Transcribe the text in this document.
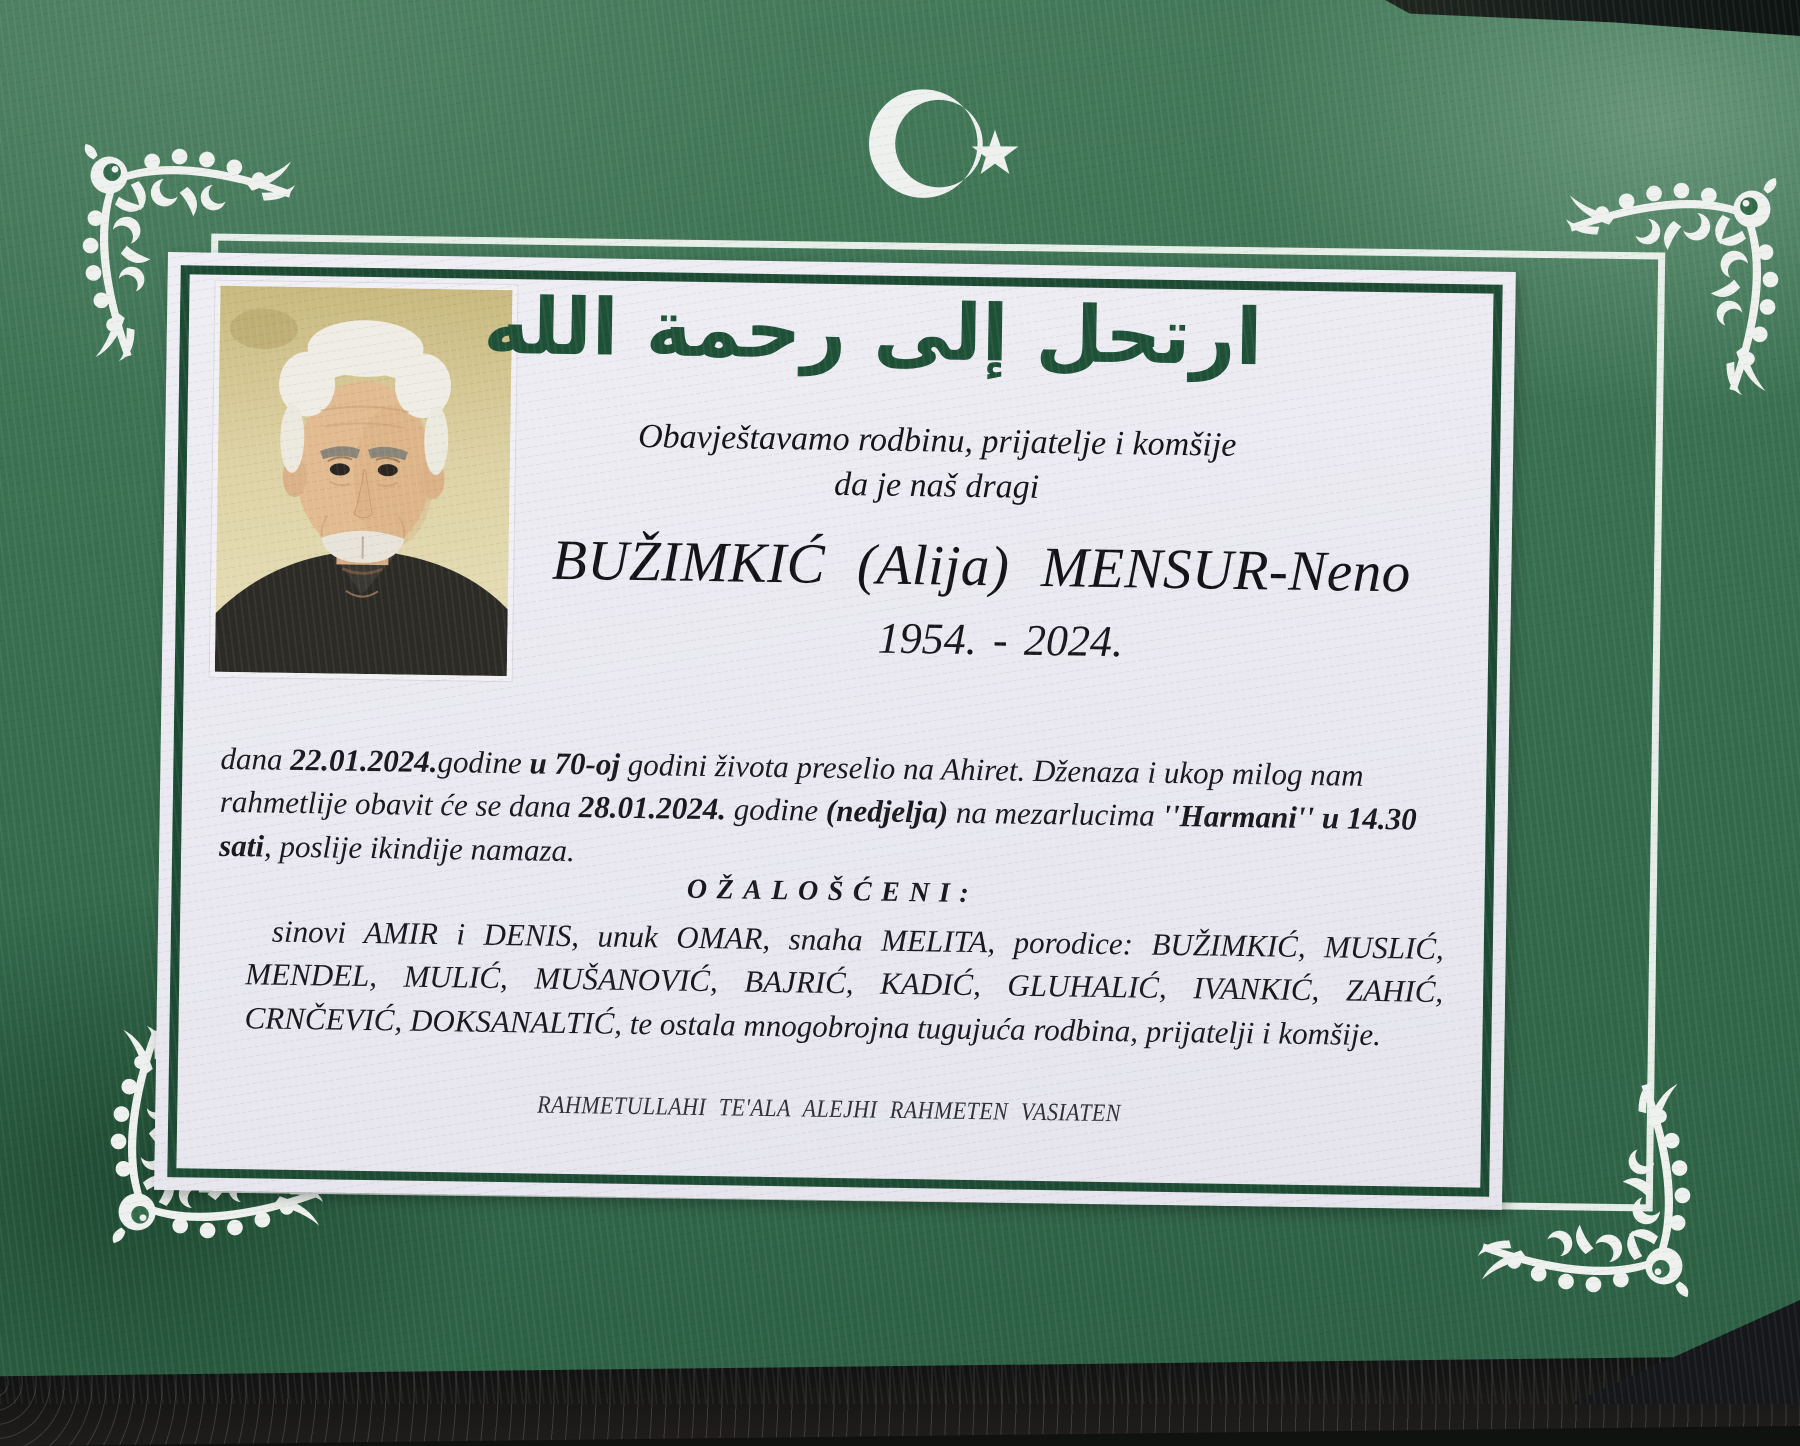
ارتحل إلى رحمة الله
Obavještavamo rodbinu, prijatelje i komšije
da je naš dragi
BUŽIMKIĆ (Alija) MENSUR-Neno
1954. - 2024.
dana 22.01.2024.godine u 70-oj godini života preselio na Ahiret. Dženaza i ukop milog nam rahmetlije obavit će se dana 28.01.2024. godine (nedjelja) na mezarlucima ''Harmani'' u 14.30 sati, poslije ikindije namaza.
OŽALOŠĆENI:
sinovi AMIR i DENIS, unuk OMAR, snaha MELITA, porodice: BUŽIMKIĆ, MUSLIĆ, MENDEL, MULIĆ, MUŠANOVIĆ, BAJRIĆ, KADIĆ, GLUHALIĆ, IVANKIĆ, ZAHIĆ, CRNČEVIĆ, DOKSANALTIĆ, te ostala mnogobrojna tugujuća rodbina, prijatelji i komšije.
RAHMETULLAHI TE'ALA ALEJHI RAHMETEN VASIATEN
